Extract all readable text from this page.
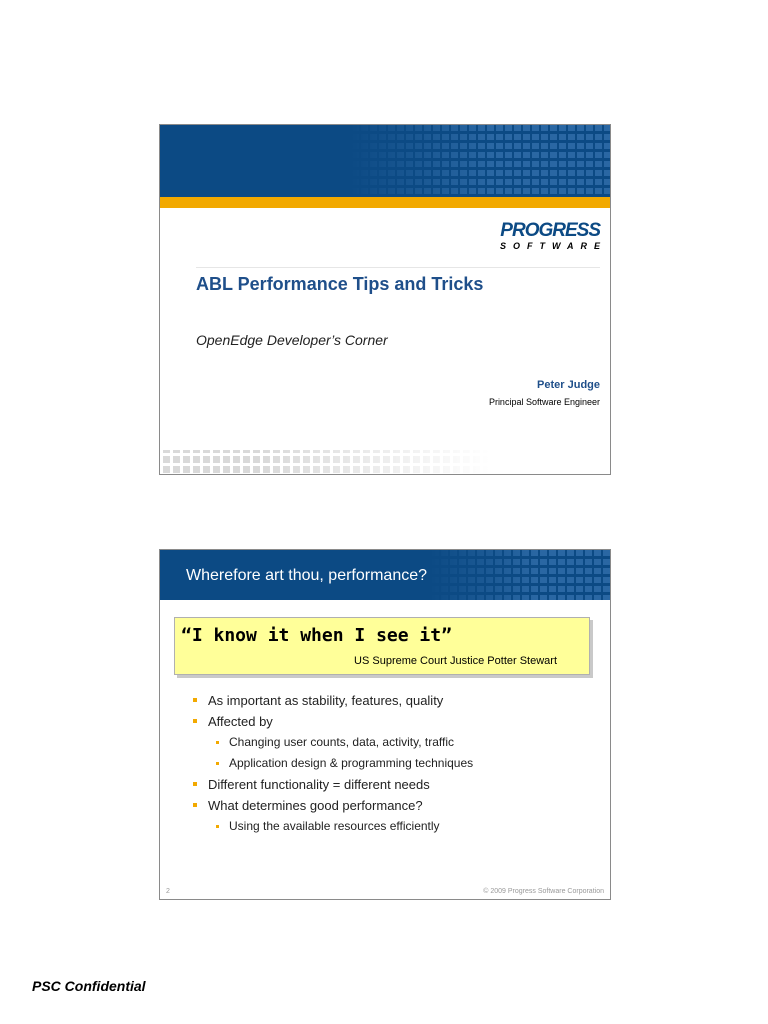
PROGRESS
SOFTWARE
ABL Performance Tips and Tricks
OpenEdge Developer’s Corner
Peter Judge
Principal Software Engineer
Wherefore art thou, performance?
“I know it when I see it”
US Supreme Court Justice Potter Stewart
As important as stability, features, quality
Affected by
Changing user counts, data, activity, traffic
Application design & programming techniques
Different functionality = different needs
What determines good performance?
Using the available resources efficiently
2	© 2009 Progress Software Corporation
PSC Confidential
